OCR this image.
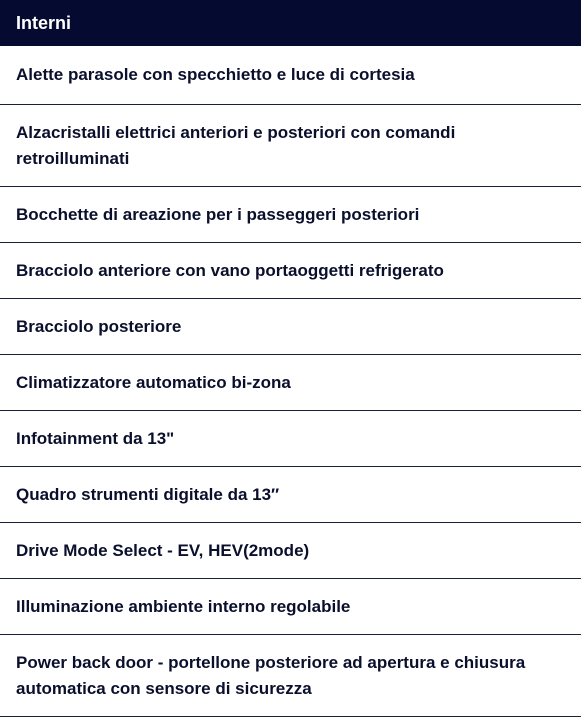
Interni
Alette parasole con specchietto e luce di cortesia
Alzacristalli elettrici anteriori e posteriori con comandi retroilluminati
Bocchette di areazione per i passeggeri posteriori
Bracciolo anteriore con vano portaoggetti refrigerato
Bracciolo posteriore
Climatizzatore automatico bi-zona
Infotainment da 13"
Quadro strumenti digitale da 13″
Drive Mode Select - EV, HEV(2mode)
Illuminazione ambiente interno regolabile
Power back door - portellone posteriore ad apertura e chiusura automatica con sensore di sicurezza
